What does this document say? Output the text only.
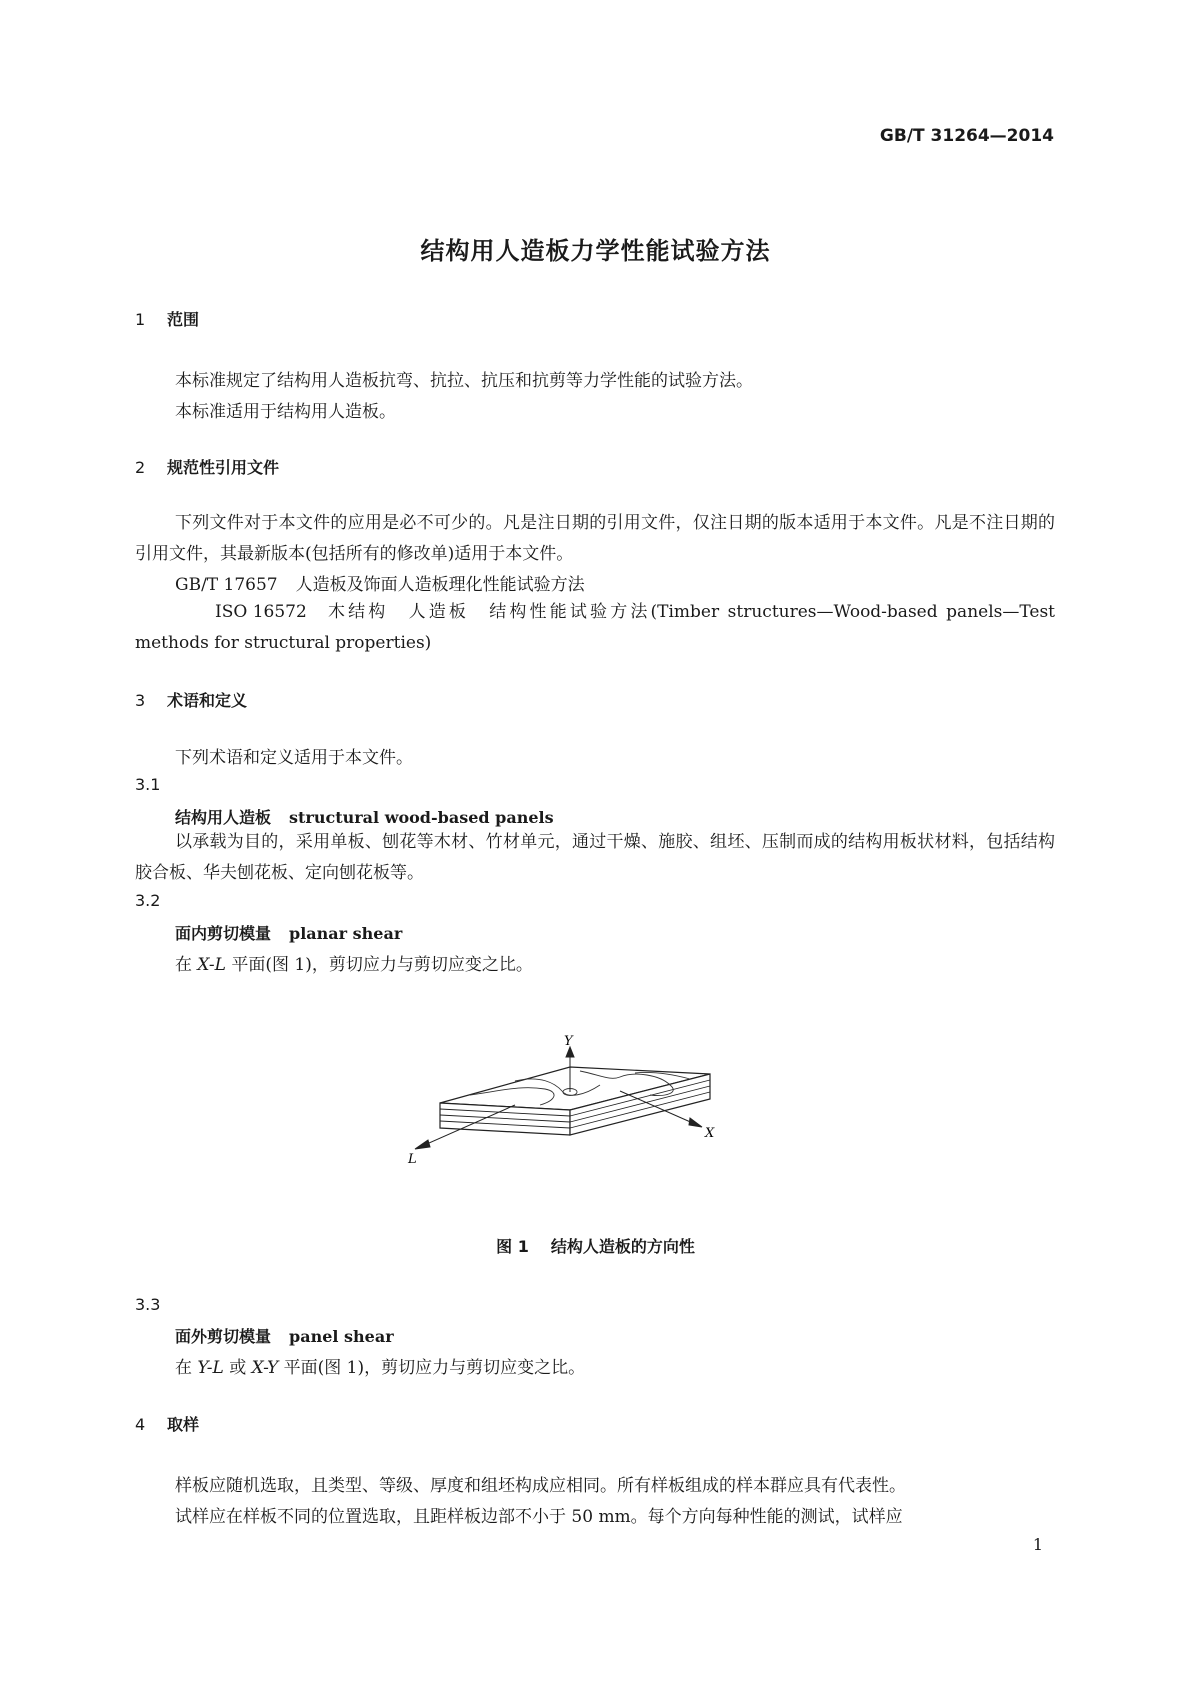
GB/T 31264—2014
结构用人造板力学性能试验方法
1 范围
本标准规定了结构用人造板抗弯、抗拉、抗压和抗剪等力学性能的试验方法。
本标准适用于结构用人造板。
2 规范性引用文件
下列文件对于本文件的应用是必不可少的。凡是注日期的引用文件，仅注日期的版本适用于本文件。凡是不注日期的引用文件，其最新版本(包括所有的修改单)适用于本文件。
GB/T 17657 人造板及饰面人造板理化性能试验方法
ISO 16572 木结构　人造板　结构性能试验方法(Timber structures—Wood-based panels—Test methods for structural properties)
3 术语和定义
下列术语和定义适用于本文件。
3.1
结构用人造板 structural wood-based panels
以承载为目的，采用单板、刨花等木材、竹材单元，通过干燥、施胶、组坯、压制而成的结构用板状材料，包括结构胶合板、华夫刨花板、定向刨花板等。
3.2
面内剪切模量 planar shear
在 X-L 平面(图 1)，剪切应力与剪切应变之比。
Y
X
L
图 1 结构人造板的方向性
3.3
面外剪切模量 panel shear
在 Y-L 或 X-Y 平面(图 1)，剪切应力与剪切应变之比。
4 取样
样板应随机选取，且类型、等级、厚度和组坯构成应相同。所有样板组成的样本群应具有代表性。
试样应在样板不同的位置选取，且距样板边部不小于 50 mm。每个方向每种性能的测试，试样应
1
